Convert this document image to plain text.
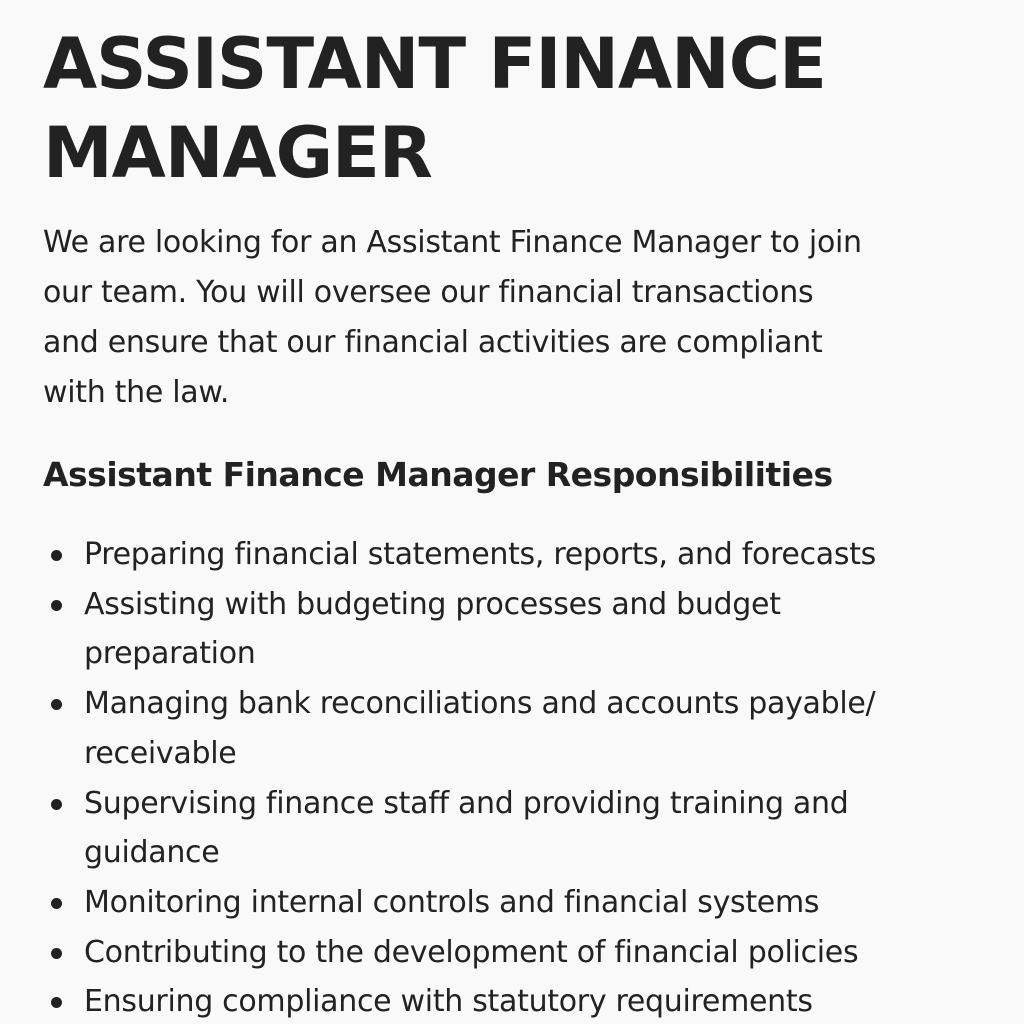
ASSISTANT FINANCE
MANAGER

We are looking for an Assistant Finance Manager to join
our team. You will oversee our financial transactions
and ensure that our financial activities are compliant
with the law.

Assistant Finance Manager Responsibilities
Preparing financial statements, reports, and forecasts
Assisting with budgeting processes and budget
preparation
Managing bank reconciliations and accounts payable/
receivable
Supervising finance staff and providing training and
guidance
Monitoring internal controls and financial systems
Contributing to the development of financial policies
Ensuring compliance with statutory requirements
